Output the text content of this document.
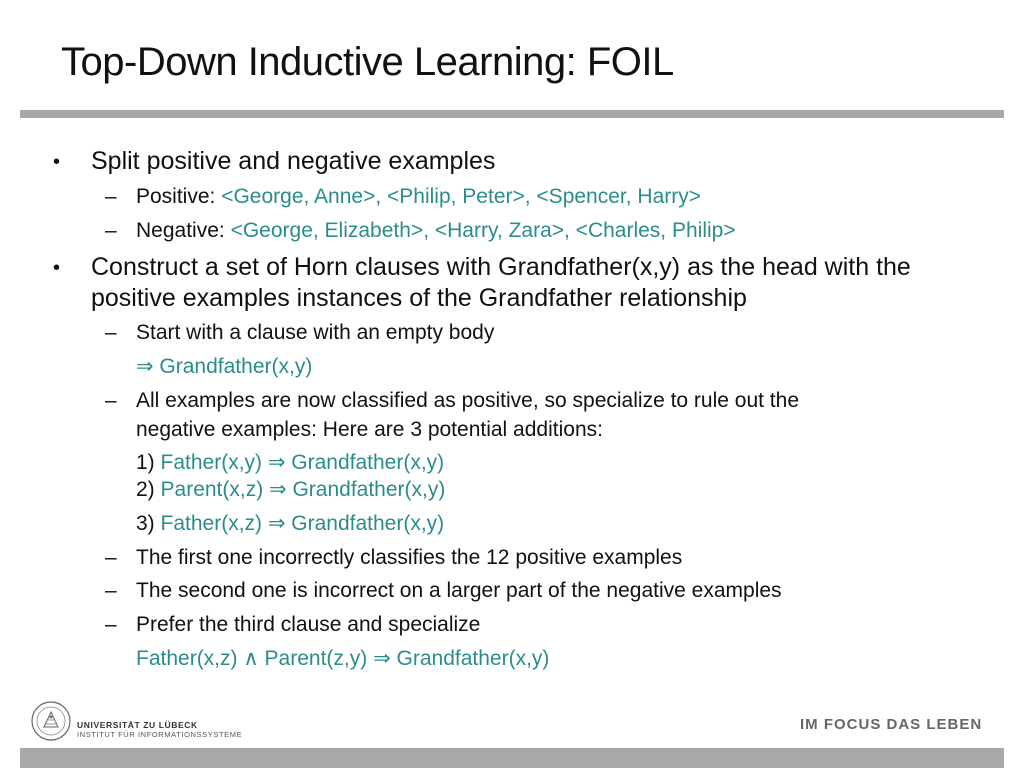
Top-Down Inductive Learning: FOIL
• Split positive and negative examples
– Positive: <George, Anne>, <Philip, Peter>, <Spencer, Harry>
– Negative: <George, Elizabeth>, <Harry, Zara>, <Charles, Philip>
• Construct a set of Horn clauses with Grandfather(x,y) as the head with the
positive examples instances of the Grandfather relationship
– Start with a clause with an empty body
⇒ Grandfather(x,y)
– All examples are now classified as positive, so specialize to rule out the
negative examples: Here are 3 potential additions:
1) Father(x,y) ⇒ Grandfather(x,y)
2) Parent(x,z) ⇒ Grandfather(x,y)
3) Father(x,z) ⇒ Grandfather(x,y)
– The first one incorrectly classifies the 12 positive examples
– The second one is incorrect on a larger part of the negative examples
– Prefer the third clause and specialize
Father(x,z) ∧ Parent(z,y) ⇒ Grandfather(x,y)
UNIVERSITÄT ZU LÜBECK
INSTITUT FÜR INFORMATIONSSYSTEME
IM FOCUS DAS LEBEN
